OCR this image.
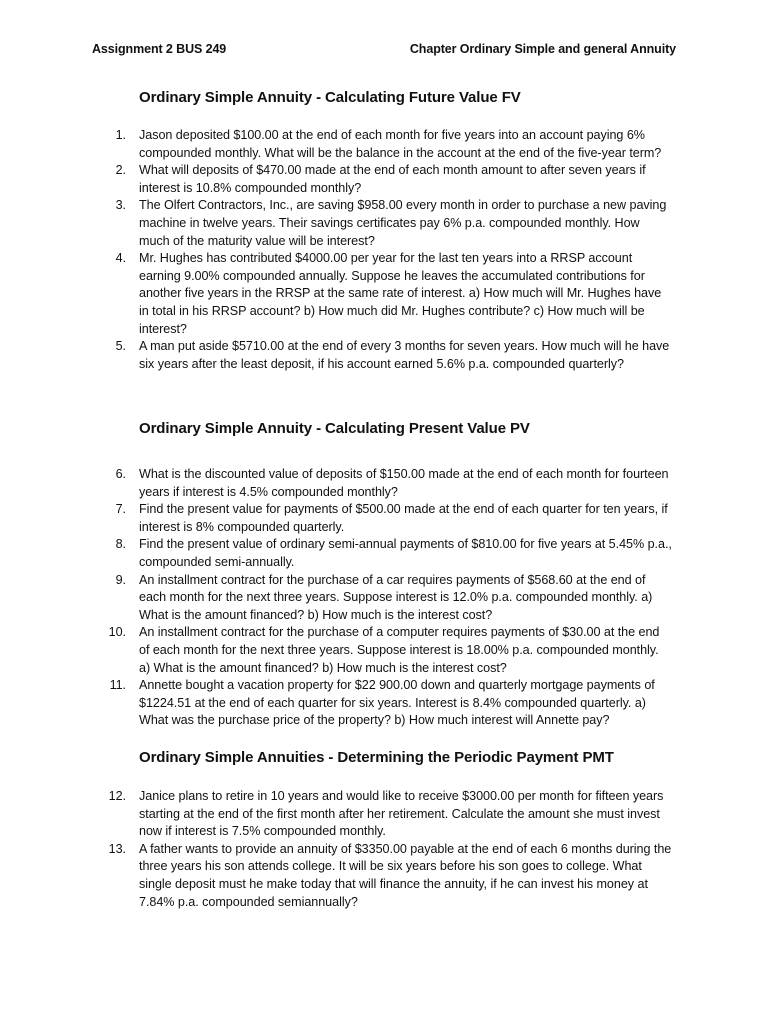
Assignment 2 BUS 249	Chapter Ordinary Simple and general Annuity
Ordinary Simple Annuity - Calculating Future Value FV
1. Jason deposited $100.00 at the end of each month for five years into an account paying 6% compounded monthly. What will be the balance in the account at the end of the five-year term?
2. What will deposits of $470.00 made at the end of each month amount to after seven years if interest is 10.8% compounded monthly?
3. The Olfert Contractors, Inc., are saving $958.00 every month in order to purchase a new paving machine in twelve years. Their savings certificates pay 6% p.a. compounded monthly. How much of the maturity value will be interest?
4. Mr. Hughes has contributed $4000.00 per year for the last ten years into a RRSP account earning 9.00% compounded annually. Suppose he leaves the accumulated contributions for another five years in the RRSP at the same rate of interest. a) How much will Mr. Hughes have in total in his RRSP account? b) How much did Mr. Hughes contribute? c) How much will be interest?
5. A man put aside $5710.00 at the end of every 3 months for seven years. How much will he have six years after the least deposit, if his account earned 5.6% p.a. compounded quarterly?
Ordinary Simple Annuity - Calculating Present Value PV
6. What is the discounted value of deposits of $150.00 made at the end of each month for fourteen years if interest is 4.5% compounded monthly?
7. Find the present value for payments of $500.00 made at the end of each quarter for ten years, if interest is 8% compounded quarterly.
8. Find the present value of ordinary semi-annual payments of $810.00 for five years at 5.45% p.a., compounded semi-annually.
9. An installment contract for the purchase of a car requires payments of $568.60 at the end of each month for the next three years. Suppose interest is 12.0% p.a. compounded monthly. a) What is the amount financed? b) How much is the interest cost?
10. An installment contract for the purchase of a computer requires payments of $30.00 at the end of each month for the next three years. Suppose interest is 18.00% p.a. compounded monthly. a) What is the amount financed? b) How much is the interest cost?
11. Annette bought a vacation property for $22 900.00 down and quarterly mortgage payments of $1224.51 at the end of each quarter for six years. Interest is 8.4% compounded quarterly. a) What was the purchase price of the property? b) How much interest will Annette pay?
Ordinary Simple Annuities - Determining the Periodic Payment PMT
12. Janice plans to retire in 10 years and would like to receive $3000.00 per month for fifteen years starting at the end of the first month after her retirement. Calculate the amount she must invest now if interest is 7.5% compounded monthly.
13. A father wants to provide an annuity of $3350.00 payable at the end of each 6 months during the three years his son attends college. It will be six years before his son goes to college. What single deposit must he make today that will finance the annuity, if he can invest his money at 7.84% p.a. compounded semiannually?
